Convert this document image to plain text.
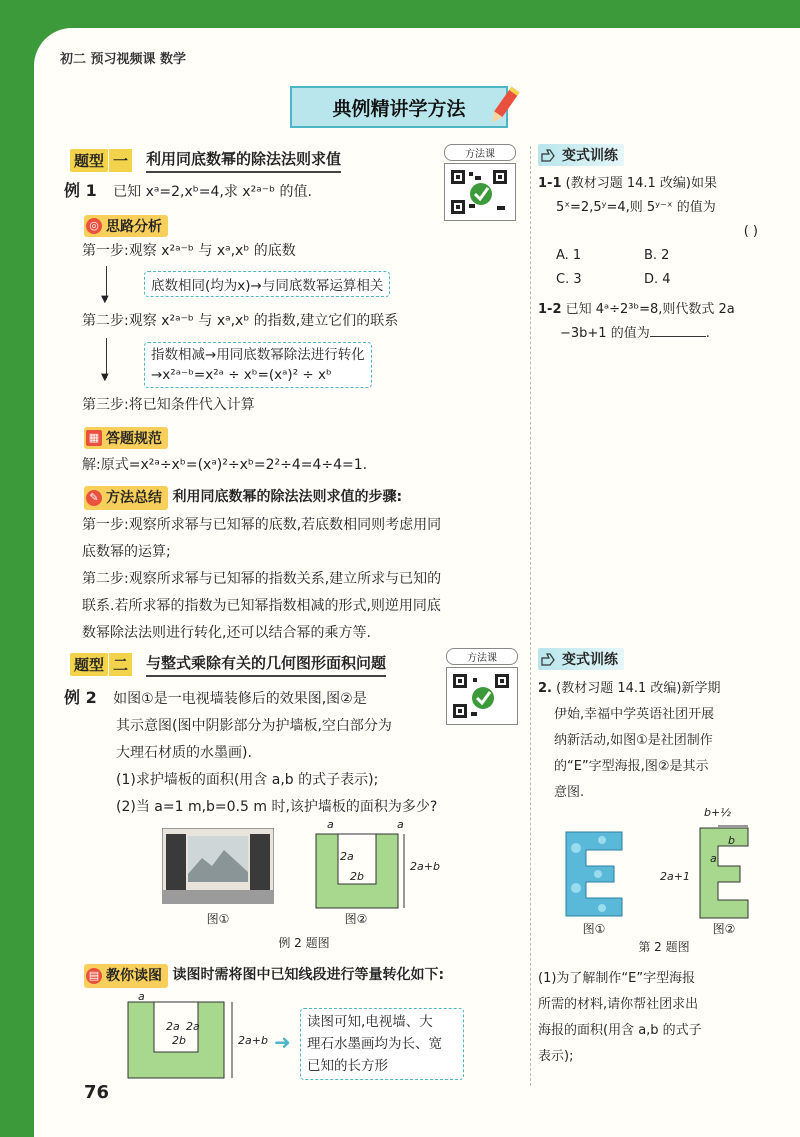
初二 预习视频课 数学
典例精讲学方法
题型 一 利用同底数幂的除法法则求值	方法课
例 1 已知 xᵃ=2,xᵇ=4,求 x²ᵃ⁻ᵇ 的值.
◎ 思路分析
第一步:观察 x²ᵃ⁻ᵇ 与 xᵃ,xᵇ 的底数
▼
底数相同(均为x)→与同底数幂运算相关
第二步:观察 x²ᵃ⁻ᵇ 与 xᵃ,xᵇ 的指数,建立它们的联系
▼
指数相减→用同底数幂除法进行转化
→x²ᵃ⁻ᵇ=x²ᵃ ÷ xᵇ=(xᵃ)² ÷ xᵇ
第三步:将已知条件代入计算
▦ 答题规范
解:原式=x²ᵃ÷xᵇ=(xᵃ)²÷xᵇ=2²÷4=4÷4=1.
✎ 方法总结 利用同底数幂的除法法则求值的步骤:
第一步:观察所求幂与已知幂的底数,若底数相同则考虑用同
底数幂的运算;
第二步:观察所求幂与已知幂的指数关系,建立所求与已知的
联系.若所求幂的指数为已知幂指数相减的形式,则逆用同底
数幂除法法则进行转化,还可以结合幂的乘方等.
题型 二 与整式乘除有关的几何图形面积问题	方法课
例 2 如图①是一电视墙装修后的效果图,图②是
其示意图(图中阴影部分为护墙板,空白部分为
大理石材质的水墨画).
(1)求护墙板的面积(用含 a,b 的式子表示);
(2)当 a=1 m,b=0.5 m 时,该护墙板的面积为多少?
图①
a	a
2a
2b
2a+b
图②
例 2 题图
▤ 教你读图 读图时需将图中已知线段进行等量转化如下:
a
2a 2a
2b	2a+b ➜
读图可知,电视墙、大
理石水墨画均为长、宽
已知的长方形
76
变式训练
1-1 (教材习题 14.1 改编)如果
5ˣ=2,5ʸ=4,则 5ʸ⁻ˣ 的值为
( )
A. 1	B. 2
C. 3	D. 4
1-2 已知 4ᵃ÷2³ᵇ=8,则代数式 2a
−3b+1 的值为	.
变式训练
2. (教材习题 14.1 改编)新学期
伊始,幸福中学英语社团开展
纳新活动,如图①是社团制作
的“E”字型海报,图②是其示
意图.
图①
b+½
b
a
2a+1
图②
第 2 题图
(1)为了解制作“E”字型海报
所需的材料,请你帮社团求出
海报的面积(用含 a,b 的式子
表示);
